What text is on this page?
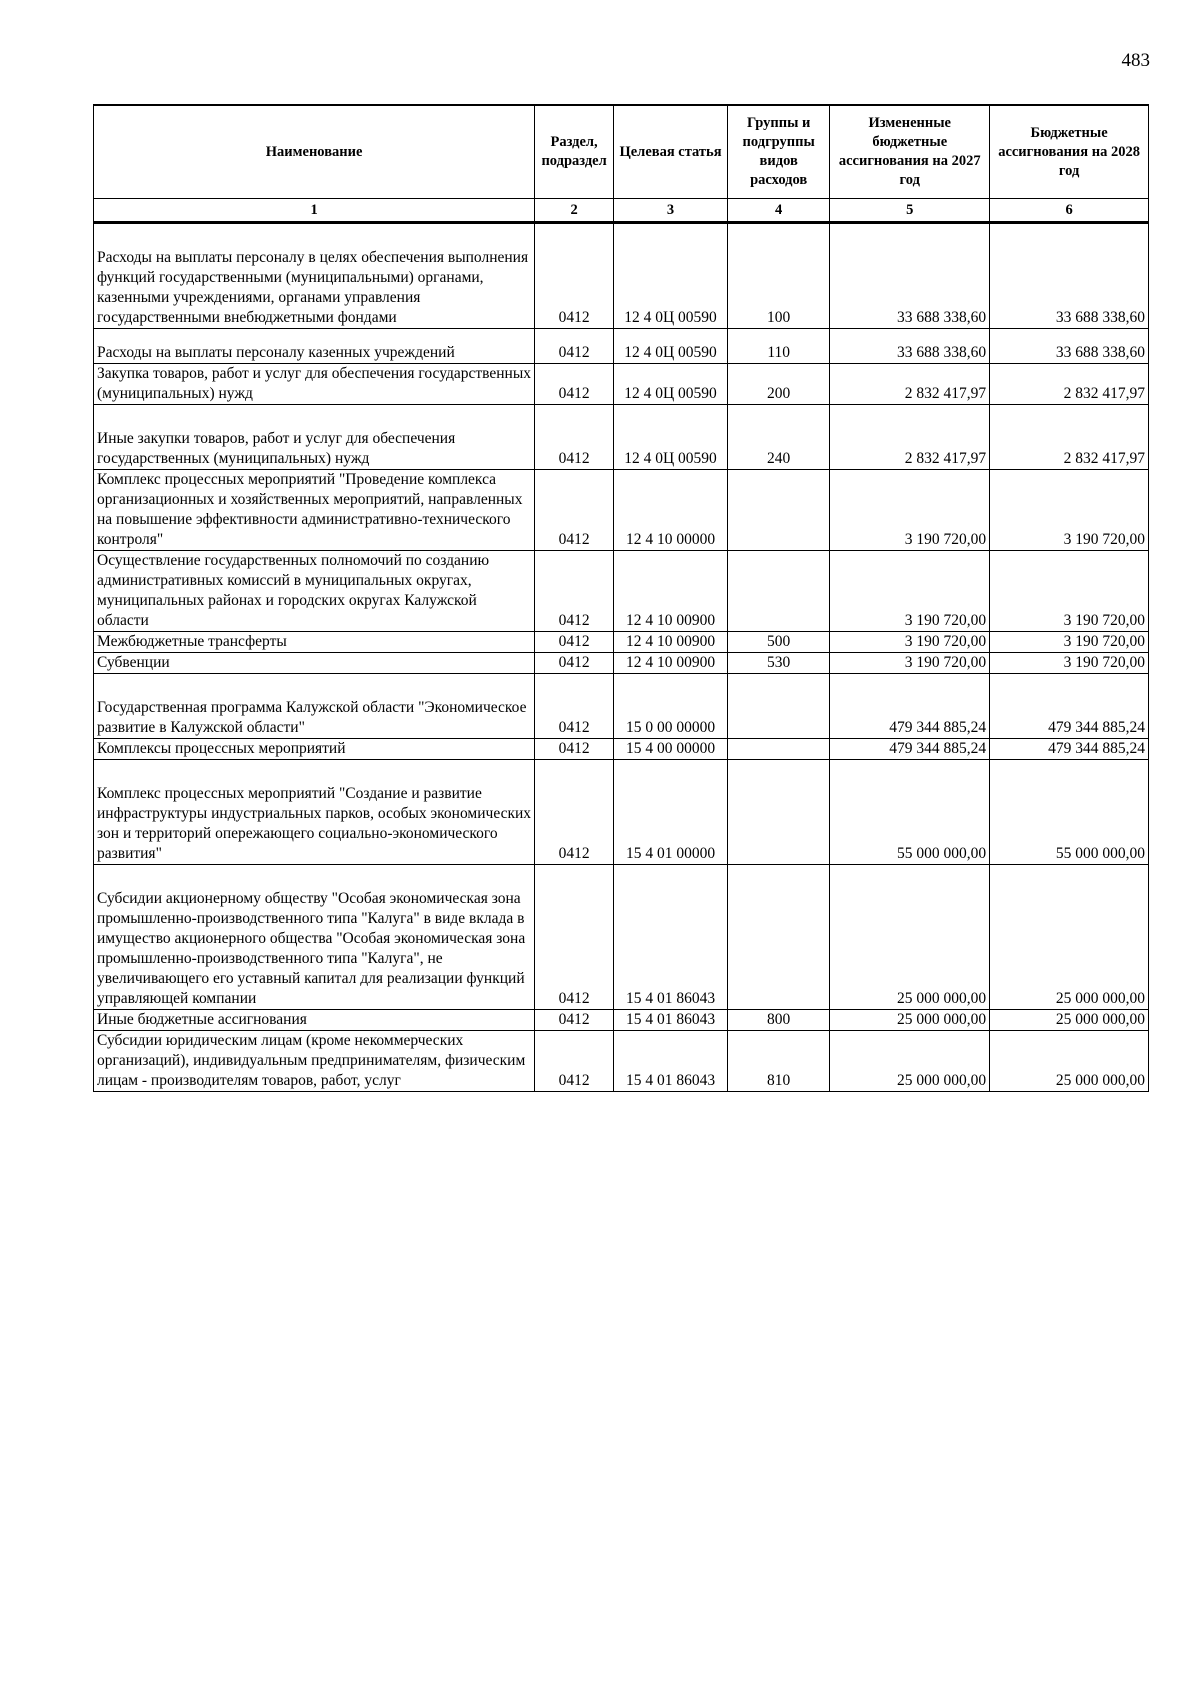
483
Наименование	Раздел, подраздел	Целевая статья	Группы и подгруппы видов расходов	Измененные бюджетные ассигнования на 2027 год	Бюджетные ассигнования на 2028 год
1	2	3	4	5	6
Расходы на выплаты персоналу в целях обеспечения выполнения функций государственными (муниципальными) органами, казенными учреждениями, органами управления государственными внебюджетными фондами	0412	12 4 0Ц 00590	100	33 688 338,60	33 688 338,60
Расходы на выплаты персоналу казенных учреждений	0412	12 4 0Ц 00590	110	33 688 338,60	33 688 338,60
Закупка товаров, работ и услуг для обеспечения государственных (муниципальных) нужд	0412	12 4 0Ц 00590	200	2 832 417,97	2 832 417,97
Иные закупки товаров, работ и услуг для обеспечения государственных (муниципальных) нужд	0412	12 4 0Ц 00590	240	2 832 417,97	2 832 417,97
Комплекс процессных мероприятий "Проведение комплекса организационных и хозяйственных мероприятий, направленных на повышение эффективности административно-технического контроля"	0412	12 4 10 00000		3 190 720,00	3 190 720,00
Осуществление государственных полномочий по созданию административных комиссий в муниципальных округах, муниципальных районах и городских округах Калужской области	0412	12 4 10 00900		3 190 720,00	3 190 720,00
Межбюджетные трансферты	0412	12 4 10 00900	500	3 190 720,00	3 190 720,00
Субвенции	0412	12 4 10 00900	530	3 190 720,00	3 190 720,00
Государственная программа Калужской области "Экономическое развитие в Калужской области"	0412	15 0 00 00000		479 344 885,24	479 344 885,24
Комплексы процессных мероприятий	0412	15 4 00 00000		479 344 885,24	479 344 885,24
Комплекс процессных мероприятий "Создание и развитие инфраструктуры индустриальных парков, особых экономических зон и территорий опережающего социально-экономического развития"	0412	15 4 01 00000		55 000 000,00	55 000 000,00
Субсидии акционерному обществу "Особая экономическая зона промышленно-производственного типа "Калуга" в виде вклада в имущество акционерного общества "Особая экономическая зона промышленно-производственного типа "Калуга", не увеличивающего его уставный капитал для реализации функций управляющей компании	0412	15 4 01 86043		25 000 000,00	25 000 000,00
Иные бюджетные ассигнования	0412	15 4 01 86043	800	25 000 000,00	25 000 000,00
Субсидии юридическим лицам (кроме некоммерческих организаций), индивидуальным предпринимателям, физическим лицам - производителям товаров, работ, услуг	0412	15 4 01 86043	810	25 000 000,00	25 000 000,00
